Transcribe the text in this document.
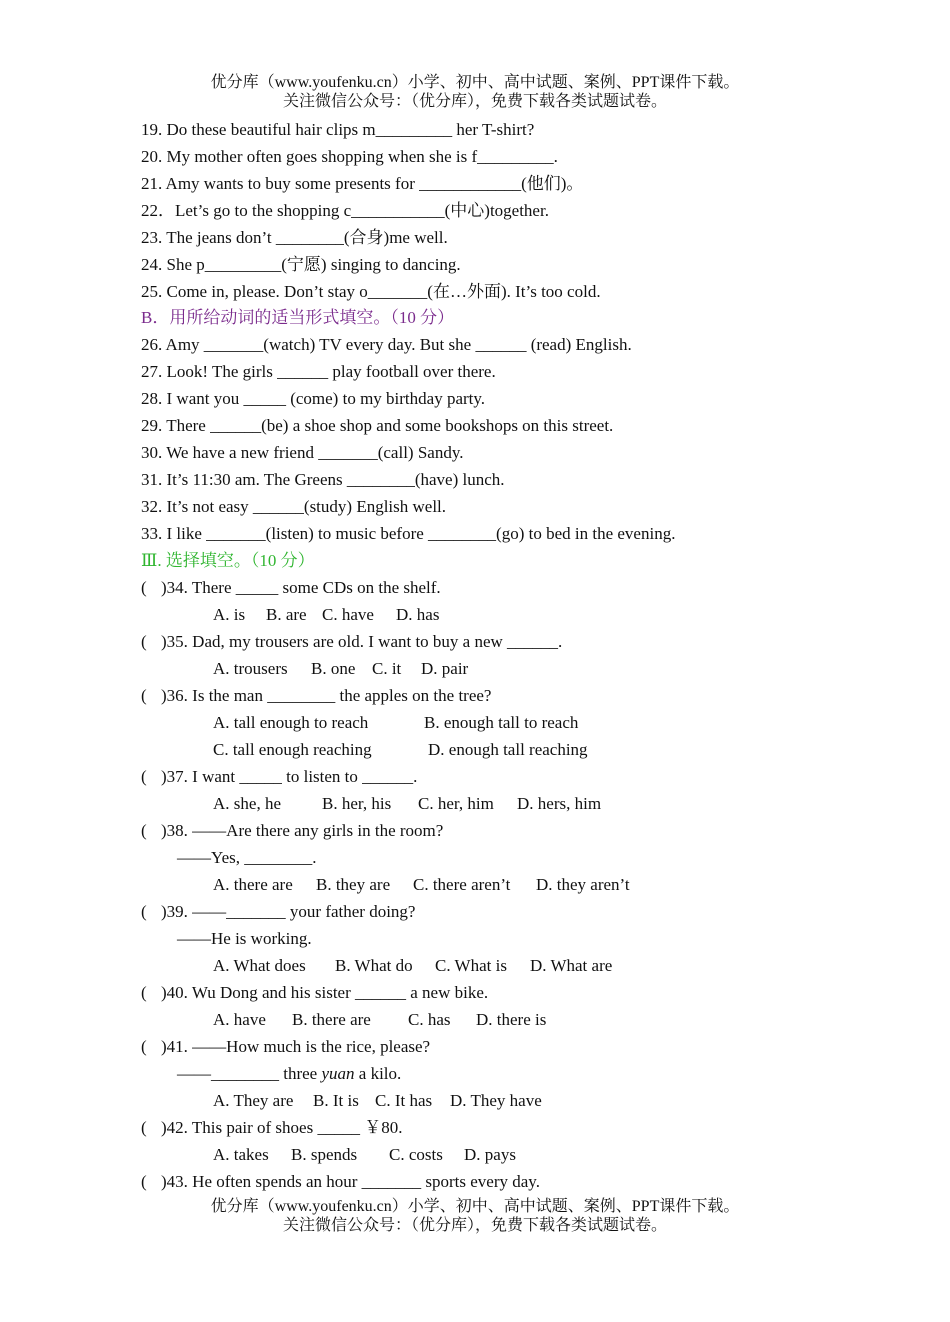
优分库（www.youfenku.cn）小学、初中、高中试题、案例、PPT课件下载。
关注微信公众号：（优分库），免费下载各类试题试卷。
19. Do these beautiful hair clips m_________ her T-shirt?
20. My mother often goes shopping when she is f_________.
21. Amy wants to buy some presents for ____________(他们)。
22．Let’s go to the shopping c___________(中心)together.
23. The jeans don’t ________(合身)me well.
24. She p_________(宁愿) singing to dancing.
25. Come in, please. Don’t stay o_______(在…外面). It’s too cold.
B．用所给动词的适当形式填空。（10 分）
26. Amy _______(watch) TV every day. But she ______ (read) English.
27. Look! The girls ______ play football over there.
28. I want you _____ (come) to my birthday party.
29. There ______(be) a shoe shop and some bookshops on this street.
30. We have a new friend _______(call) Sandy.
31. It’s 11:30 am. The Greens ________(have) lunch.
32. It’s not easy ______(study) English well.
33. I like _______(listen) to music before ________(go) to bed in the evening.
Ⅲ. 选择填空。（10 分）
( )34. There _____ some CDs on the shelf.
A. is B. are C. have D. has
( )35. Dad, my trousers are old. I want to buy a new ______.
A. trousers B. one C. it D. pair
( )36. Is the man ________ the apples on the tree?
A. tall enough to reach	B. enough tall to reach
C. tall enough reaching	D. enough tall reaching
( )37. I want _____ to listen to ______.
A. she, he B. her, his C. her, him D. hers, him
( )38. ——Are there any girls in the room?
——Yes, ________.
A. there are B. they are C. there aren’t D. they aren’t
( )39. ——_______ your father doing?
——He is working.
A. What does B. What do C. What is D. What are
( )40. Wu Dong and his sister ______ a new bike.
A. have B. there are C. has D. there is
( )41. ——How much is the rice, please?
——________ three yuan a kilo.
A. They are B. It is C. It has D. They have
( )42. This pair of shoes _____ ￥80.
A. takes B. spends C. costs D. pays
( )43. He often spends an hour _______ sports every day.
优分库（www.youfenku.cn）小学、初中、高中试题、案例、PPT课件下载。
关注微信公众号：（优分库），免费下载各类试题试卷。
